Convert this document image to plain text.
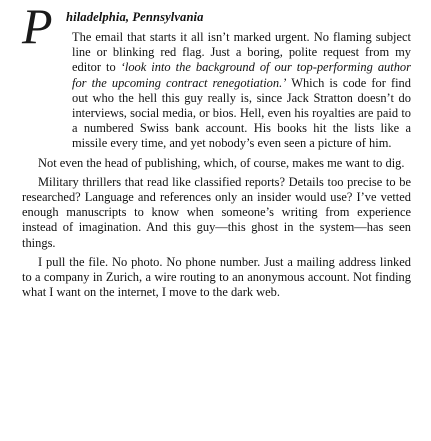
P hiladelphia, Pennsylvania
The email that starts it all isn’t marked urgent. No flaming subject line or blinking red flag. Just a boring, polite request from my editor to ‘look into the background of our top-performing author for the upcoming contract renegotiation.’ Which is code for find out who the hell this guy really is, since Jack Stratton doesn’t do interviews, social media, or bios. Hell, even his royalties are paid to a numbered Swiss bank account. His books hit the lists like a missile every time, and yet nobody’s even seen a picture of him.

Not even the head of publishing, which, of course, makes me want to dig.

Military thrillers that read like classified reports? Details too precise to be researched? Language and references only an insider would use? I’ve vetted enough manuscripts to know when someone’s writing from experience instead of imagination. And this guy—this ghost in the system—has seen things.

I pull the file. No photo. No phone number. Just a mailing address linked to a company in Zurich, a wire routing to an anonymous account. Not finding what I want on the internet, I move to the dark web.
